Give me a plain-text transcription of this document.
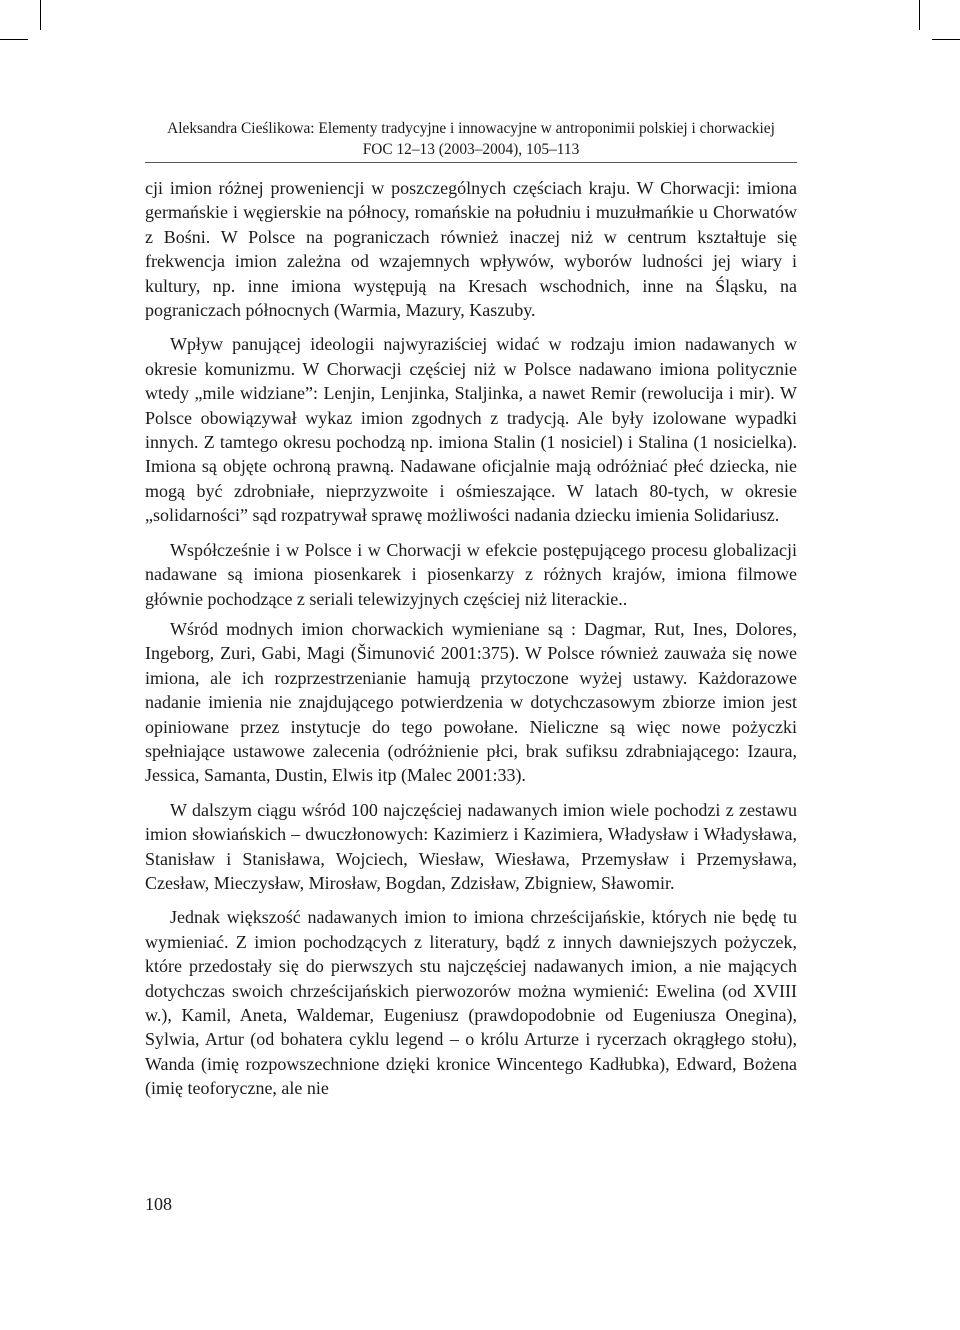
Aleksandra Cieślikowa: Elementy tradycyjne i innowacyjne w antroponimii polskiej i chorwackiej
FOC 12–13 (2003–2004), 105–113

cji imion różnej proweniencji w poszczególnych częściach kraju. W Chorwacji: imiona germańskie i węgierskie na północy, romańskie na południu i muzułmańkie u Chorwatów z Bośni. W Polsce na pograniczach również inaczej niż w centrum kształtuje się frekwencja imion zależna od wzajemnych wpływów, wyborów ludności jej wiary i kultury, np. inne imiona występują na Kresach wschodnich, inne na Śląsku, na pograniczach północnych (Warmia, Mazury, Kaszuby.

Wpływ panującej ideologii najwyraziściej widać w rodzaju imion nadawanych w okresie komunizmu. W Chorwacji częściej niż w Polsce nadawano imiona politycznie wtedy „mile widziane”: Lenjin, Lenjinka, Staljinka, a nawet Remir (rewolucija i mir). W Polsce obowiązywał wykaz imion zgodnych z tradycją. Ale były izolowane wypadki innych. Z tamtego okresu pochodzą np. imiona Stalin (1 nosiciel) i Stalina (1 nosicielka). Imiona są objęte ochroną prawną. Nadawane oficjalnie mają odróżniać płeć dziecka, nie mogą być zdrobniałe, nieprzyzwoite i ośmieszające. W latach 80-tych, w okresie „solidarności” sąd rozpatrywał sprawę możliwości nadania dziecku imienia Solidariusz.

Współcześnie i w Polsce i w Chorwacji w efekcie postępującego procesu globalizacji nadawane są imiona piosenkarek i piosenkarzy z różnych krajów, imiona filmowe głównie pochodzące z seriali telewizyjnych częściej niż literackie..

Wśród modnych imion chorwackich wymieniane są : Dagmar, Rut, Ines, Dolores, Ingeborg, Zuri, Gabi, Magi (Šimunović 2001:375). W Polsce również zauważa się nowe imiona, ale ich rozprzestrzenianie hamują przytoczone wyżej ustawy. Każdorazowe nadanie imienia nie znajdującego potwierdzenia w dotychczasowym zbiorze imion jest opiniowane przez instytucje do tego powołane. Nieliczne są więc nowe pożyczki spełniające ustawowe zalecenia (odróżnienie płci, brak sufiksu zdrabniającego: Izaura, Jessica, Samanta, Dustin, Elwis itp (Malec 2001:33).

W dalszym ciągu wśród 100 najczęściej nadawanych imion wiele pochodzi z zestawu imion słowiańskich – dwuczłonowych: Kazimierz i Kazimiera, Władysław i Władysława, Stanisław i Stanisława, Wojciech, Wiesław, Wiesława, Przemysław i Przemysława, Czesław, Mieczysław, Mirosław, Bogdan, Zdzisław, Zbigniew, Sławomir.

Jednak większość nadawanych imion to imiona chrześcijańskie, których nie będę tu wymieniać. Z imion pochodzących z literatury, bądź z innych dawniejszych pożyczek, które przedostały się do pierwszych stu najczęściej nadawanych imion, a nie mających dotychczas swoich chrześcijańskich pierwozorów można wymienić: Ewelina (od XVIII w.), Kamil, Aneta, Waldemar, Eugeniusz (prawdopodobnie od Eugeniusza Onegina), Sylwia, Artur (od bohatera cyklu legend – o królu Arturze i rycerzach okrągłego stołu), Wanda (imię rozpowszechnione dzięki kronice Wincentego Kadłubka), Edward, Bożena (imię teoforyczne, ale nie

108
